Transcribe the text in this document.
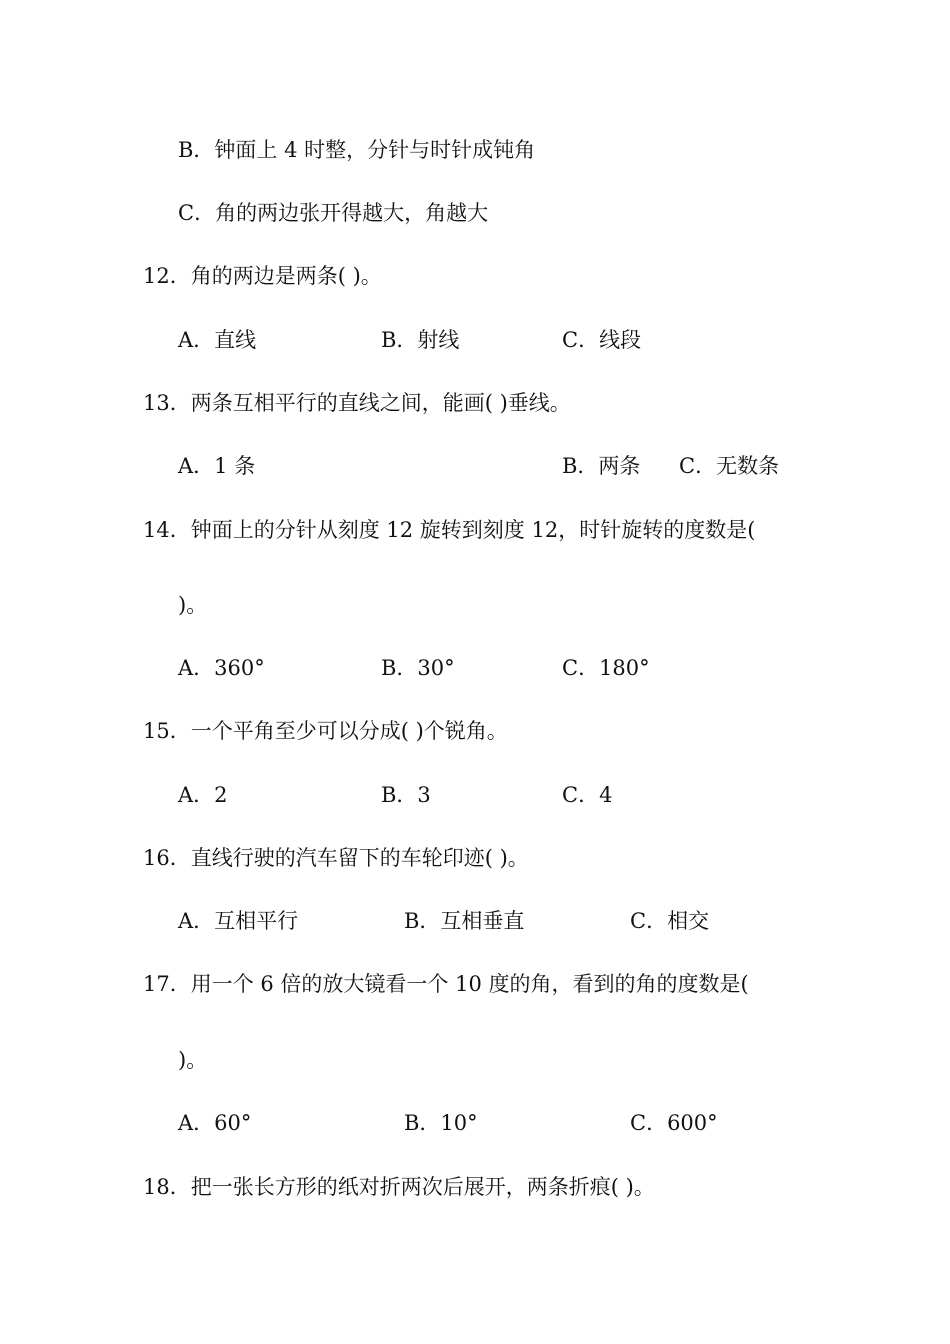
B．钟面上 4 时整，分针与时针成钝角
C．角的两边张开得越大，角越大
12．角的两边是两条( )。
A．直线	B．射线	C．线段
13．两条互相平行的直线之间，能画( )垂线。
A．1 条	B．两条 C．无数条
14．钟面上的分针从刻度 12 旋转到刻度 12，时针旋转的度数是(
)。
A．360°	B．30°	C．180°
15．一个平角至少可以分成( )个锐角。
A．2	B．3	C．4
16．直线行驶的汽车留下的车轮印迹( )。
A．互相平行	B．互相垂直	C．相交
17．用一个 6 倍的放大镜看一个 10 度的角，看到的角的度数是(
)。
A．60°	B．10°	C．600°
18．把一张长方形的纸对折两次后展开，两条折痕( )。
